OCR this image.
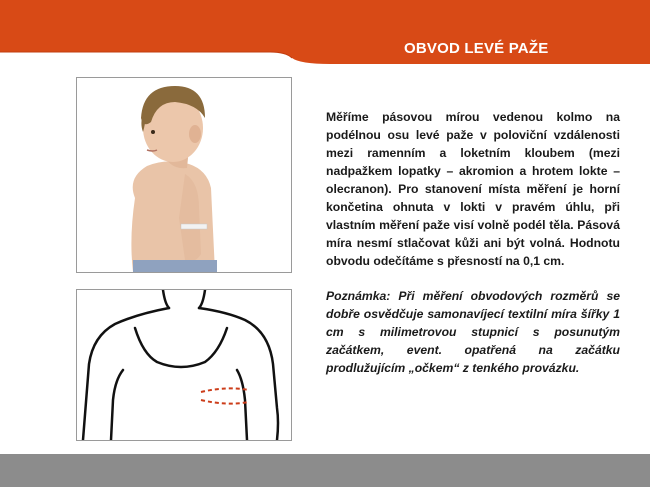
OBVOD LEVÉ PAŽE

Měříme pásovou mírou vedenou kolmo na podélnou osu levé paže v poloviční vzdálenosti mezi ramenním a loketním kloubem (mezi nadpažkem lopatky – akromion a hrotem lokte – olecranon). Pro stanovení místa měření je horní končetina ohnuta v lokti v pravém úhlu, při vlastním měření paže visí volně podél těla. Pásová míra nesmí stlačovat kůži ani být volná. Hodnotu obvodu odečítáme s přesností na 0,1 cm.

Poznámka: Při měření obvodových rozměrů se dobře osvědčuje samonavíjecí textilní míra šířky 1 cm s milimetrovou stupnicí s posunutým začátkem, event. opatřená na začátku prodlužujícím „očkem“ z tenkého provázku.
